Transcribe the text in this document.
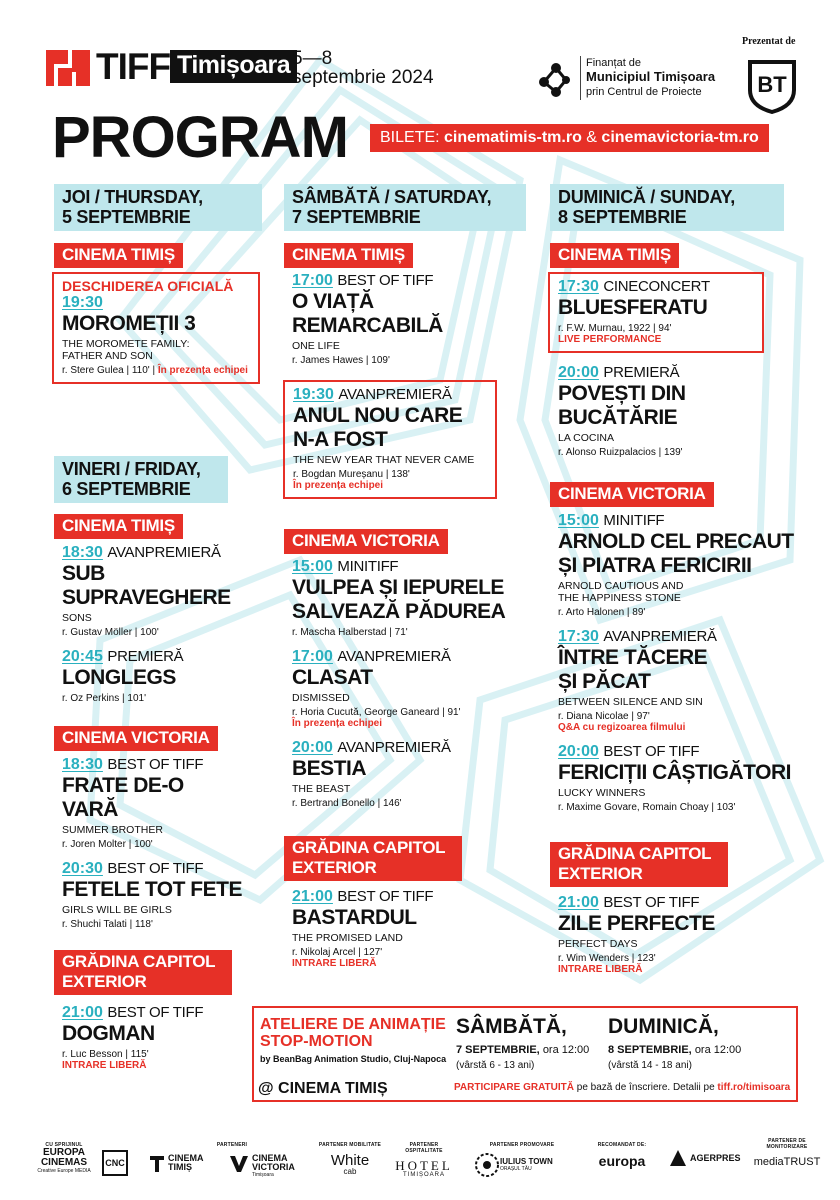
TIFF Timișoara 5—8
septembrie 2024
Finanțat de
Municipiul Timișoara
prin Centrul de Proiecte
Prezentat de
BT
PROGRAM	BILETE: cinematimis-tm.ro & cinemavictoria-tm.ro
JOI / THURSDAY,
5 SEPTEMBRIE
CINEMA TIMIȘ
DESCHIDEREA OFICIALĂ
19:30
MOROMEȚII 3
THE MOROMETE FAMILY:
FATHER AND SON
r. Stere Gulea | 110' | În prezența echipei
VINERI / FRIDAY,
6 SEPTEMBRIE
CINEMA TIMIȘ
18:30 AVANPREMIERĂ
SUB
SUPRAVEGHERE
SONS
r. Gustav Möller | 100'
20:45 PREMIERĂ
LONGLEGS
r. Oz Perkins | 101'
CINEMA VICTORIA
18:30 BEST OF TIFF
FRATE DE-O
VARĂ
SUMMER BROTHER
r. Joren Molter | 100'
20:30 BEST OF TIFF
FETELE TOT FETE
GIRLS WILL BE GIRLS
r. Shuchi Talati | 118'
GRĂDINA CAPITOL
EXTERIOR
21:00 BEST OF TIFF
DOGMAN
r. Luc Besson | 115'
INTRARE LIBERĂ
SÂMBĂTĂ / SATURDAY,
7 SEPTEMBRIE
CINEMA TIMIȘ
17:00 BEST OF TIFF
O VIAȚĂ
REMARCABILĂ
ONE LIFE
r. James Hawes | 109'
19:30 AVANPREMIERĂ
ANUL NOU CARE
N-A FOST
THE NEW YEAR THAT NEVER CAME
r. Bogdan Mureșanu | 138'
În prezența echipei
CINEMA VICTORIA
15:00 MINITIFF
VULPEA ȘI IEPURELE
SALVEAZĂ PĂDUREA
r. Mascha Halberstad | 71'
17:00 AVANPREMIERĂ
CLASAT
DISMISSED
r. Horia Cucută, George Ganeard | 91'
În prezența echipei
20:00 AVANPREMIERĂ
BESTIA
THE BEAST
r. Bertrand Bonello | 146'
GRĂDINA CAPITOL
EXTERIOR
21:00 BEST OF TIFF
BASTARDUL
THE PROMISED LAND
r. Nikolaj Arcel | 127'
INTRARE LIBERĂ
DUMINICĂ / SUNDAY,
8 SEPTEMBRIE
CINEMA TIMIȘ
17:30 CINECONCERT
BLUESFERATU
r. F.W. Murnau, 1922 | 94'
LIVE PERFORMANCE
20:00 PREMIERĂ
POVEȘTI DIN
BUCĂTĂRIE
LA COCINA
r. Alonso Ruizpalacios | 139'
CINEMA VICTORIA
15:00 MINITIFF
ARNOLD CEL PRECAUT
ȘI PIATRA FERICIRII
ARNOLD CAUTIOUS AND
THE HAPPINESS STONE
r. Arto Halonen | 89'
17:30 AVANPREMIERĂ
ÎNTRE TĂCERE
ȘI PĂCAT
BETWEEN SILENCE AND SIN
r. Diana Nicolae | 97'
Q&A cu regizoarea filmului
20:00 BEST OF TIFF
FERICIȚII CÂȘTIGĂTORI
LUCKY WINNERS
r. Maxime Govare, Romain Choay | 103'
GRĂDINA CAPITOL
EXTERIOR
21:00 BEST OF TIFF
ZILE PERFECTE
PERFECT DAYS
r. Wim Wenders | 123'
INTRARE LIBERĂ
ATELIERE DE ANIMAȚIE
STOP-MOTION
by BeanBag Animation Studio, Cluj-Napoca
@ CINEMA TIMIȘ
SÂMBĂTĂ,
7 SEPTEMBRIE, ora 12:00
(vârstă 6 - 13 ani)
DUMINICĂ,
8 SEPTEMBRIE, ora 12:00
(vârstă 14 - 18 ani)
PARTICIPARE GRATUITĂ pe bază de înscriere. Detalii pe tiff.ro/timisoara
CU SPRIJINUL
EUROPA
CINEMAS
Creative Europe MEDIA
CNC
PARTENERI
CINEMA
TIMIȘ
CINEMA
VICTORIA
Timișoara
PARTENER MOBILITATE
White
cab
PARTENER OSPITALITATE
HOTEL
TIMIȘOARA
PARTENER PROMOVARE
IULIUS TOWN
ORAȘUL TĂU
RECOMANDAT DE:
europa	AGERPRES
PARTENER DE MONITORIZARE
mediaTRUST
